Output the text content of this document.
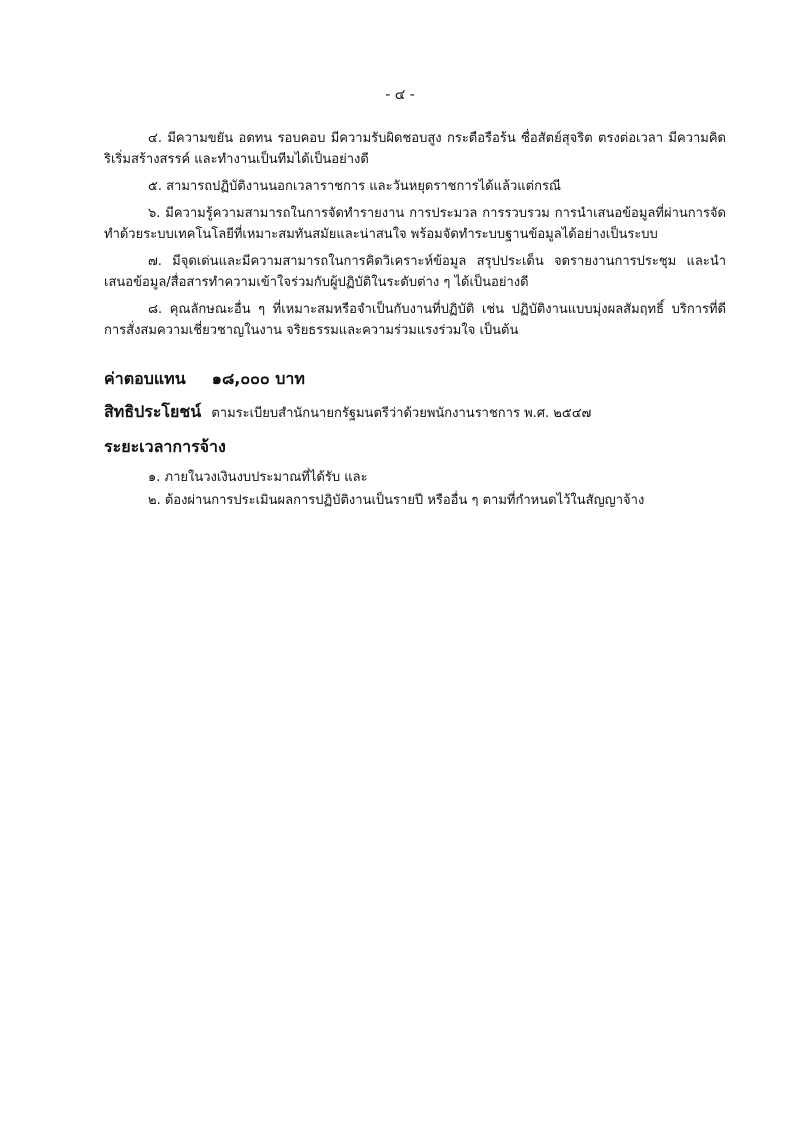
- ๔ -

๔. มีความขยัน อดทน รอบคอบ มีความรับผิดชอบสูง กระตือรือร้น ซื่อสัตย์สุจริต ตรงต่อเวลา มีความคิดริเริ่มสร้างสรรค์ และทำงานเป็นทีมได้เป็นอย่างดี

๕. สามารถปฏิบัติงานนอกเวลาราชการ และวันหยุดราชการได้แล้วแต่กรณี

๖. มีความรู้ความสามารถในการจัดทำรายงาน การประมวล การรวบรวม การนำเสนอข้อมูลที่ผ่านการจัดทำด้วยระบบเทคโนโลยีที่เหมาะสมทันสมัยและน่าสนใจ พร้อมจัดทำระบบฐานข้อมูลได้อย่างเป็นระบบ

๗. มีจุดเด่นและมีความสามารถในการคิดวิเคราะห์ข้อมูล สรุปประเด็น จดรายงานการประชุม และนำเสนอข้อมูล/สื่อสารทำความเข้าใจร่วมกับผู้ปฏิบัติในระดับต่าง ๆ ได้เป็นอย่างดี

๘. คุณลักษณะอื่น ๆ ที่เหมาะสมหรือจำเป็นกับงานที่ปฏิบัติ เช่น ปฏิบัติงานแบบมุ่งผลสัมฤทธิ์ บริการที่ดี การสั่งสมความเชี่ยวชาญในงาน จริยธรรมและความร่วมแรงร่วมใจ เป็นต้น

ค่าตอบแทน ๑๘,๐๐๐ บาท
สิทธิประโยชน์ ตามระเบียบสำนักนายกรัฐมนตรีว่าด้วยพนักงานราชการ พ.ศ. ๒๕๔๗
ระยะเวลาการจ้าง

๑. ภายในวงเงินงบประมาณที่ได้รับ และ

๒. ต้องผ่านการประเมินผลการปฏิบัติงานเป็นรายปี หรืออื่น ๆ ตามที่กำหนดไว้ในสัญญาจ้าง
